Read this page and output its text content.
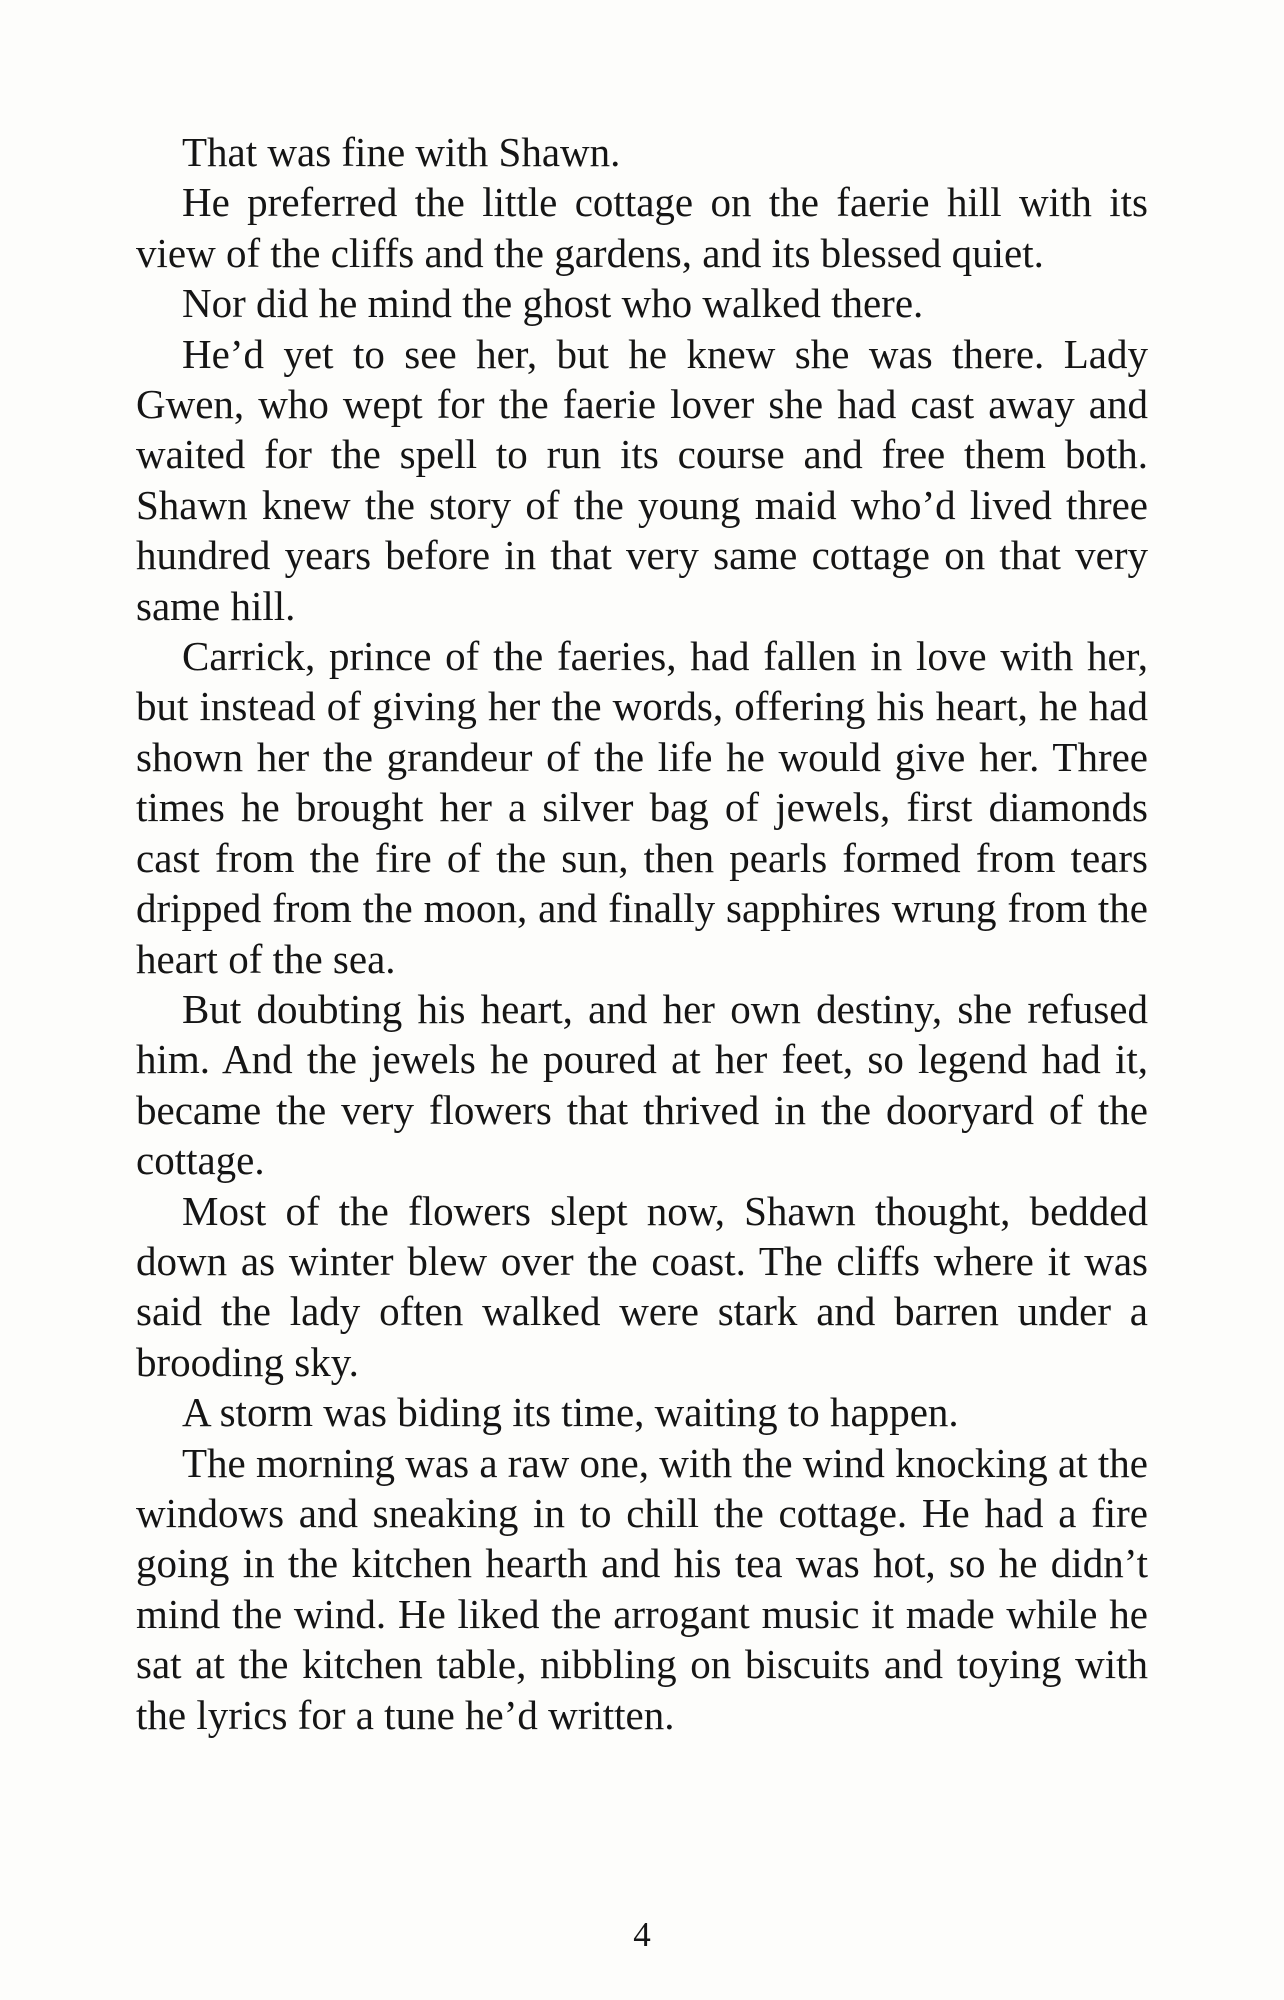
That was fine with Shawn.

He preferred the little cottage on the faerie hill with its view of the cliffs and the gardens, and its blessed quiet.

Nor did he mind the ghost who walked there.

He’d yet to see her, but he knew she was there. Lady Gwen, who wept for the faerie lover she had cast away and waited for the spell to run its course and free them both. Shawn knew the story of the young maid who’d lived three hundred years before in that very same cottage on that very same hill.

Carrick, prince of the faeries, had fallen in love with her, but instead of giving her the words, offering his heart, he had shown her the grandeur of the life he would give her. Three times he brought her a silver bag of jewels, first diamonds cast from the fire of the sun, then pearls formed from tears dripped from the moon, and finally sapphires wrung from the heart of the sea.

But doubting his heart, and her own destiny, she refused him. And the jewels he poured at her feet, so legend had it, became the very flowers that thrived in the dooryard of the cottage.

Most of the flowers slept now, Shawn thought, bedded down as winter blew over the coast. The cliffs where it was said the lady often walked were stark and barren under a brooding sky.

A storm was biding its time, waiting to happen.

The morning was a raw one, with the wind knocking at the windows and sneaking in to chill the cottage. He had a fire going in the kitchen hearth and his tea was hot, so he didn’t mind the wind. He liked the arrogant music it made while he sat at the kitchen table, nibbling on biscuits and toying with the lyrics for a tune he’d written.

4
